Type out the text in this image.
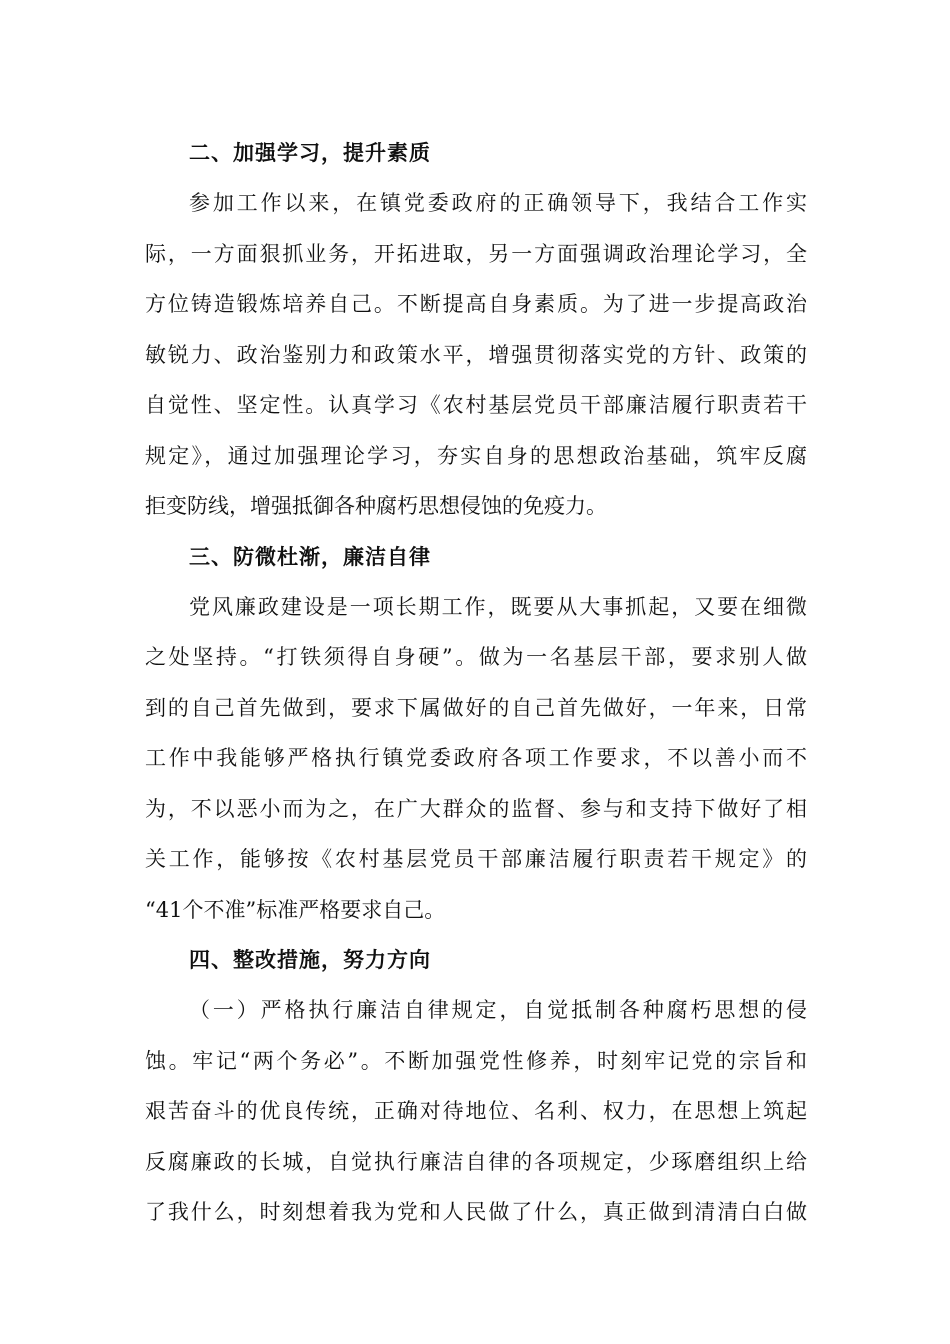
二、加强学习，提升素质
参加工作以来，在镇党委政府的正确领导下，我结合工作实
际，一方面狠抓业务，开拓进取，另一方面强调政治理论学习，全
方位铸造锻炼培养自己。不断提高自身素质。为了进一步提高政治
敏锐力、政治鉴别力和政策水平，增强贯彻落实党的方针、政策的
自觉性、坚定性。认真学习《农村基层党员干部廉洁履行职责若干
规定》，通过加强理论学习，夯实自身的思想政治基础，筑牢反腐
拒变防线，增强抵御各种腐朽思想侵蚀的免疫力。
三、防微杜渐，廉洁自律
党风廉政建设是一项长期工作，既要从大事抓起，又要在细微
之处坚持。“打铁须得自身硬”。做为一名基层干部，要求别人做
到的自己首先做到，要求下属做好的自己首先做好，一年来，日常
工作中我能够严格执行镇党委政府各项工作要求，不以善小而不
为，不以恶小而为之，在广大群众的监督、参与和支持下做好了相
关工作，能够按《农村基层党员干部廉洁履行职责若干规定》的
“41个不准”标准严格要求自己。
四、整改措施，努力方向
（一）严格执行廉洁自律规定，自觉抵制各种腐朽思想的侵
蚀。牢记“两个务必”。不断加强党性修养，时刻牢记党的宗旨和
艰苦奋斗的优良传统，正确对待地位、名利、权力，在思想上筑起
反腐廉政的长城，自觉执行廉洁自律的各项规定，少琢磨组织上给
了我什么，时刻想着我为党和人民做了什么，真正做到清清白白做
